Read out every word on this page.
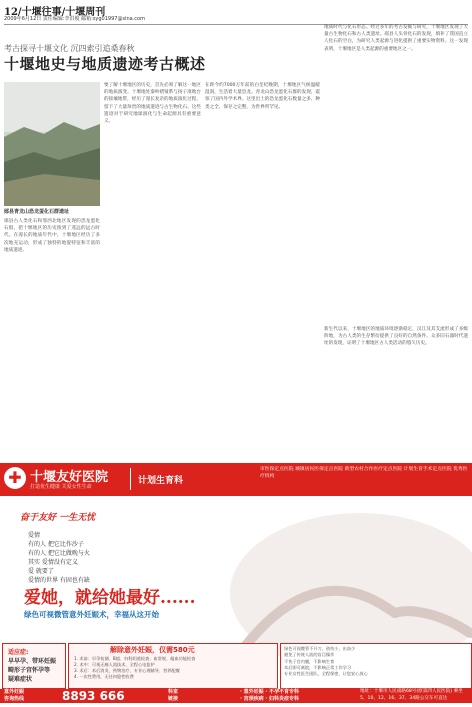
12/十堰往事/十堰周刊
2009年6月12日 责任编辑:李洪俊 邮箱:syg01997@sina.com
考古探寻十堰文化 沉四索引追桑春秋
十堰地史与地质遗迹考古概述
郧县青龙山恐龙蛋化石群遗址
郧县古人类化石和鄂西北地区发现的恐龙蛋化石群，把十堰地区的历史推到了遥远的远古时代。在漫长的地质年代中，十堰地区经历了多次地壳运动，形成了独特的地貌特征和丰富的地质遗迹。
要了解十堰地区的历史，首先必须了解这一地区的地质演变。十堰地处秦岭褶皱系与扬子准地台的接壤地带，经历了漫长复杂的地质演化过程，留下了大量珍贵的地质遗迹与古生物化石。这些遗迹对于研究地球演化与生命起源具有重要意义。
在距今约7000万年前的白垩纪晚期，十堰地区气候温暖湿润，生活着大量恐龙。青龙山恐龙蛋化石群的发现，震惊了国内外学术界。这里出土的恐龙蛋化石数量之多、种类之全、保存之完整，为世界所罕见。
地质时代与化石形态。经过多年的考古发掘与研究，十堰地区发现了大量古生物化石和古人类遗址。郧县人头骨化石的发现，填补了我国直立人化石的空白，为研究人类起源与进化提供了重要实物资料。这一发现表明，十堰地区是人类起源的重要地区之一。
新生代以来，十堰地区的地质环境逐渐稳定，汉江及其支流形成了多级阶地，为古人类的生存繁衍提供了良好的自然条件。众多旧石器时代遗址的发现，证明了十堰地区古人类活动的悠久历史。
✚ 十堰友好医院
打造优生健康 关爱女性生命
计划生育科
市医保定点医院 城镇居民医保定点医院 新型农村合作医疗定点医院 计划生育手术定点医院 优秀医疗机构
奋于友好 一生无忧
爱情
有的人 把它比作沙子
有的人 把它比做晚与火
其实 爱情没有定义
爱 就要了
爱情的世界 有固也有缺
爱她，就给她最好......
绿色可视微管意外妊娠术，幸福从这开始
适应症:
早早孕、带环妊娠
畸形子宫怀孕等
疑难症状
解除意外妊娠，仅需580元
1. 术前：早孕检测、B超、妇科阴道检查、血常规、凝血功能检查
2. 术中：可视无痛人流技术、全程心电监护
3. 术后：术后消炎、药物治疗、专业心理辅导、营养配餐
4. 一次性费用，无任何隐性收费
绿色可视微管不开刀，创伤小，出血少
避免了传统人流的盲目操作
不伤子宫内膜，不影响生育
术后即可离院，不影响正常工作学习
专业女性医生团队，全程保密，让您安心放心
意外妊娠
咨询热线	8893 666	科室
链接
· 意外妊娠 · 不孕不育专科
· 宫颈疾病 · 妇科炎症专科
地址：十堰市人民南路68号(原第四人民医院) 乘坐5、10、12、16、37、34路公交车可直达
